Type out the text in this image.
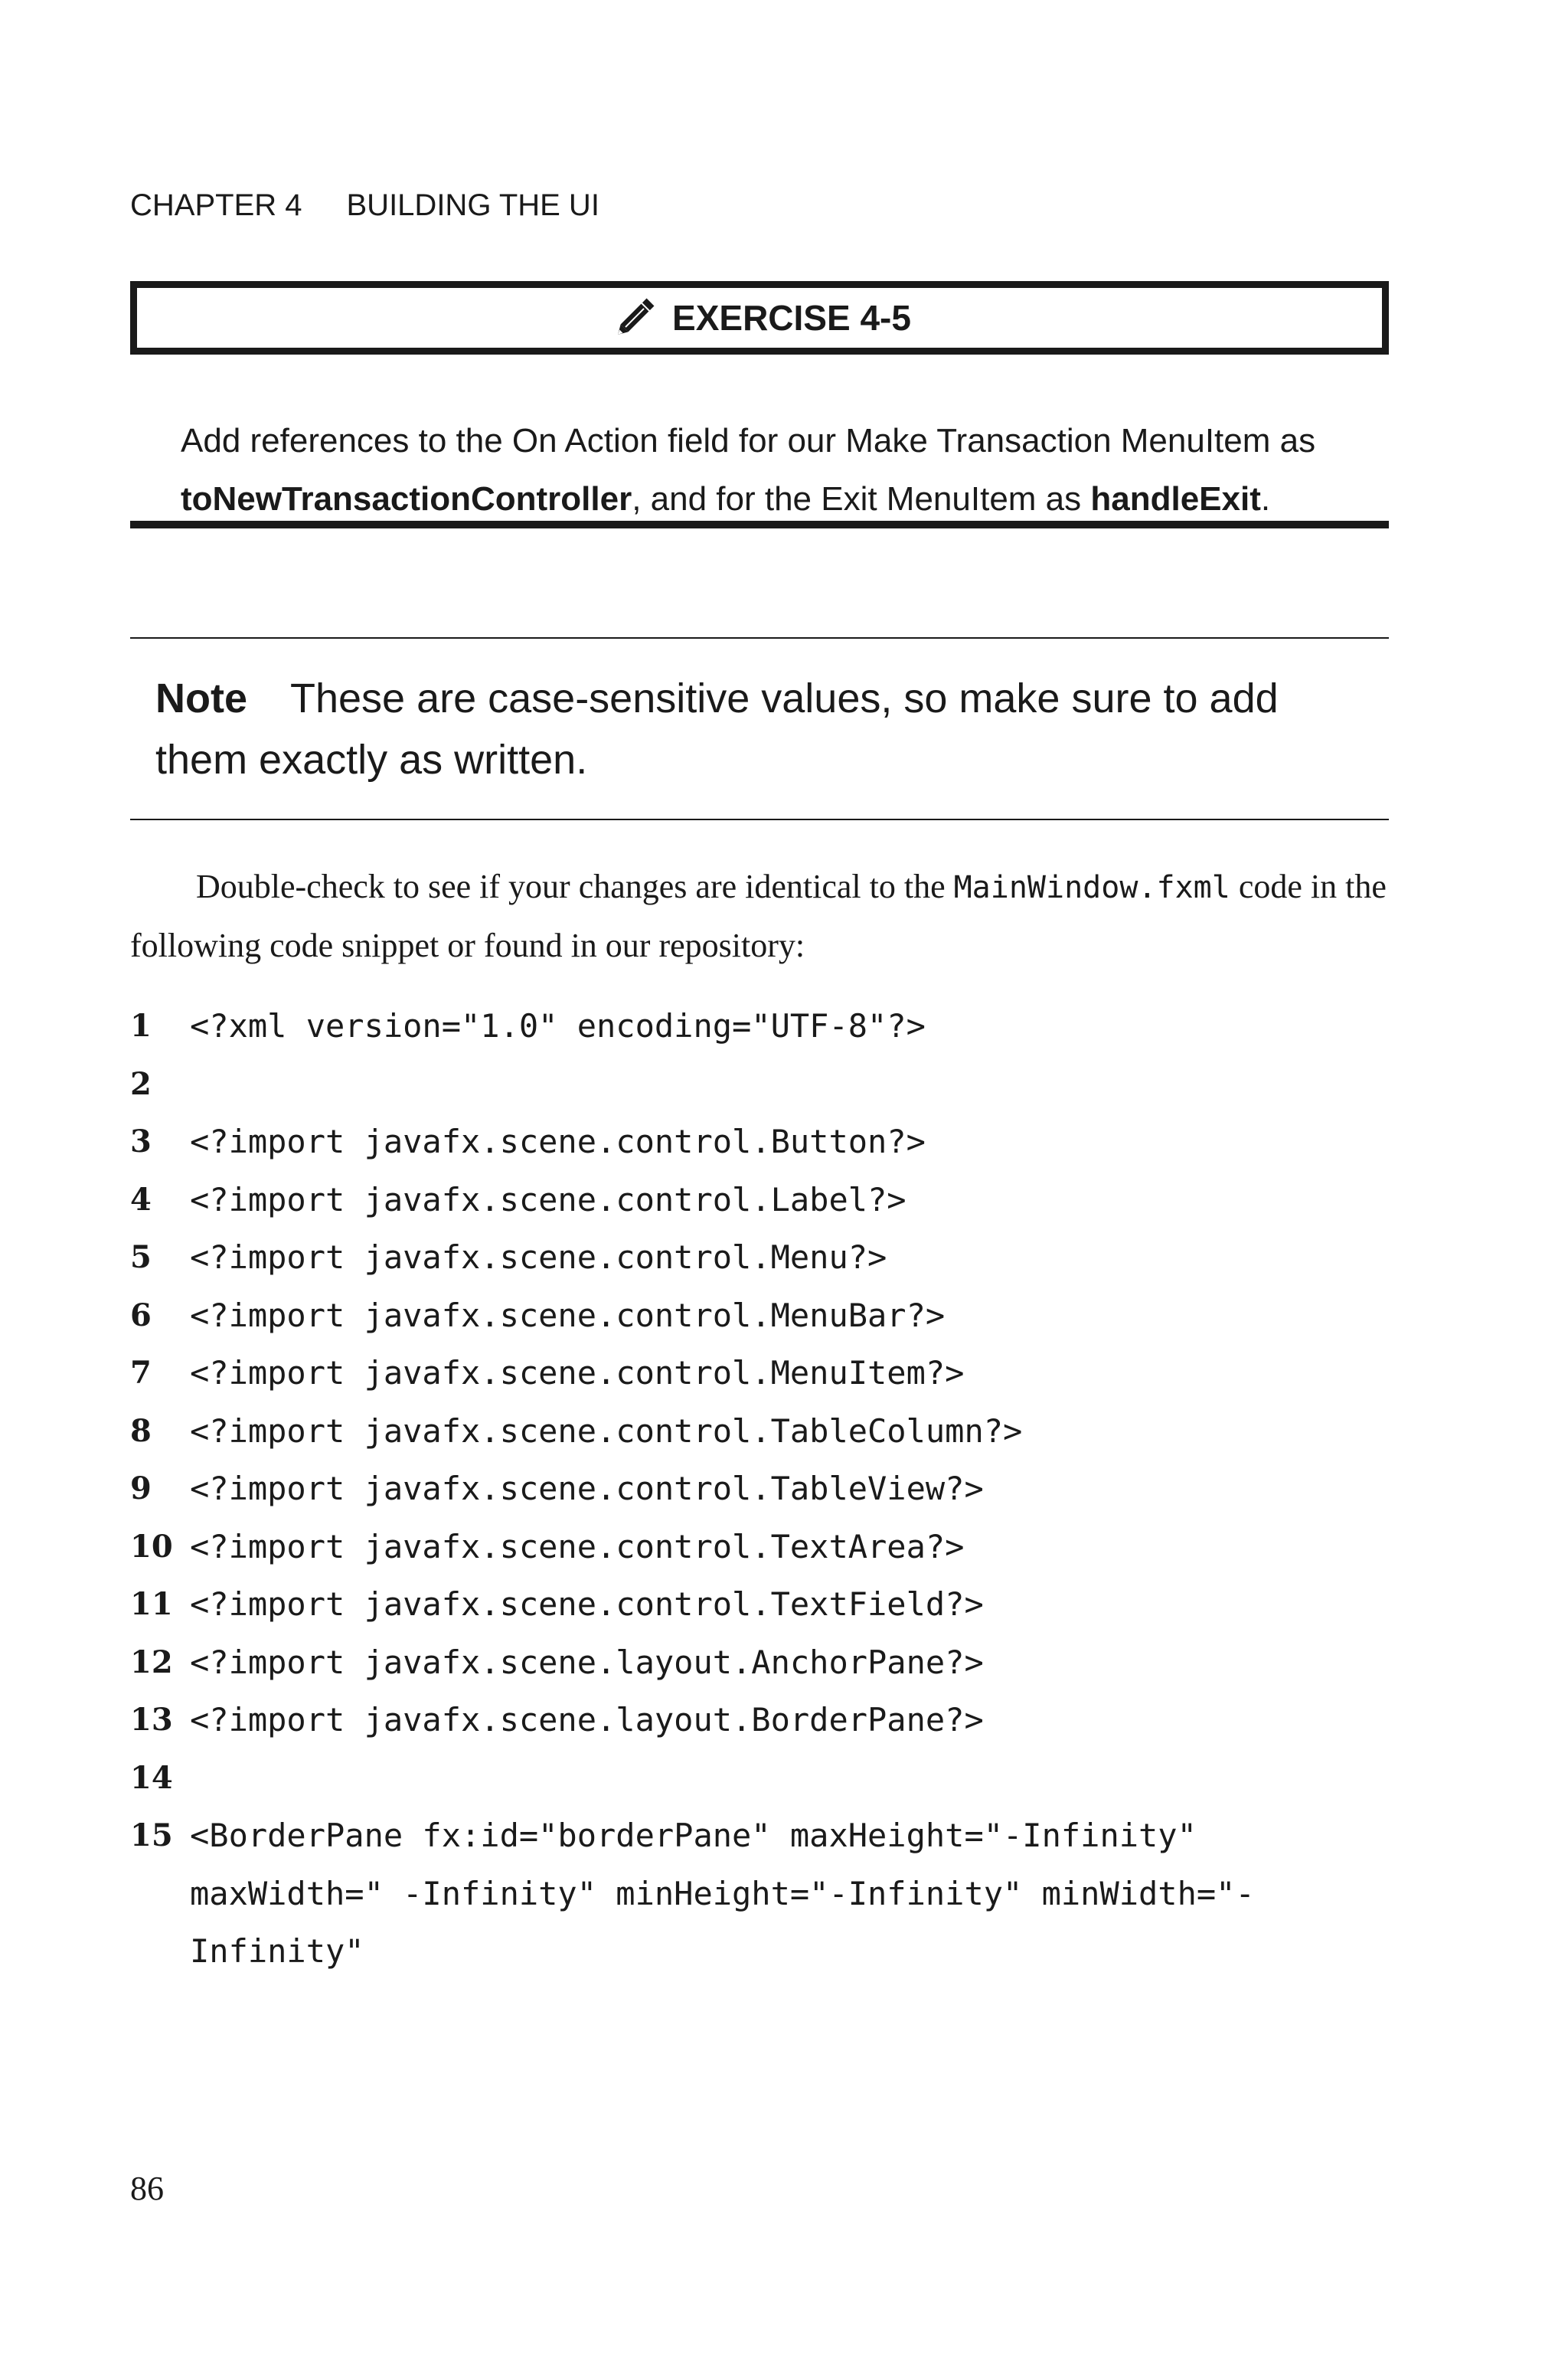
CHAPTER 4 BUILDING THE UI
EXERCISE 4-5
Add references to the On Action field for our Make Transaction MenuItem as toNewTransactionController, and for the Exit MenuItem as handleExit.
Note These are case-sensitive values, so make sure to add them exactly as written.
Double-check to see if your changes are identical to the MainWindow.fxml code in the following code snippet or found in our repository:
1	<?xml version="1.0" encoding="UTF-8"?>
2
3	<?import javafx.scene.control.Button?>
4	<?import javafx.scene.control.Label?>
5	<?import javafx.scene.control.Menu?>
6	<?import javafx.scene.control.MenuBar?>
7	<?import javafx.scene.control.MenuItem?>
8	<?import javafx.scene.control.TableColumn?>
9	<?import javafx.scene.control.TableView?>
10 <?import javafx.scene.control.TextArea?>
11 <?import javafx.scene.control.TextField?>
12 <?import javafx.scene.layout.AnchorPane?>
13 <?import javafx.scene.layout.BorderPane?>
14
15 <BorderPane fx:id="borderPane" maxHeight="-Infinity"
maxWidth=" -Infinity" minHeight="-Infinity" minWidth="-
Infinity"
86
